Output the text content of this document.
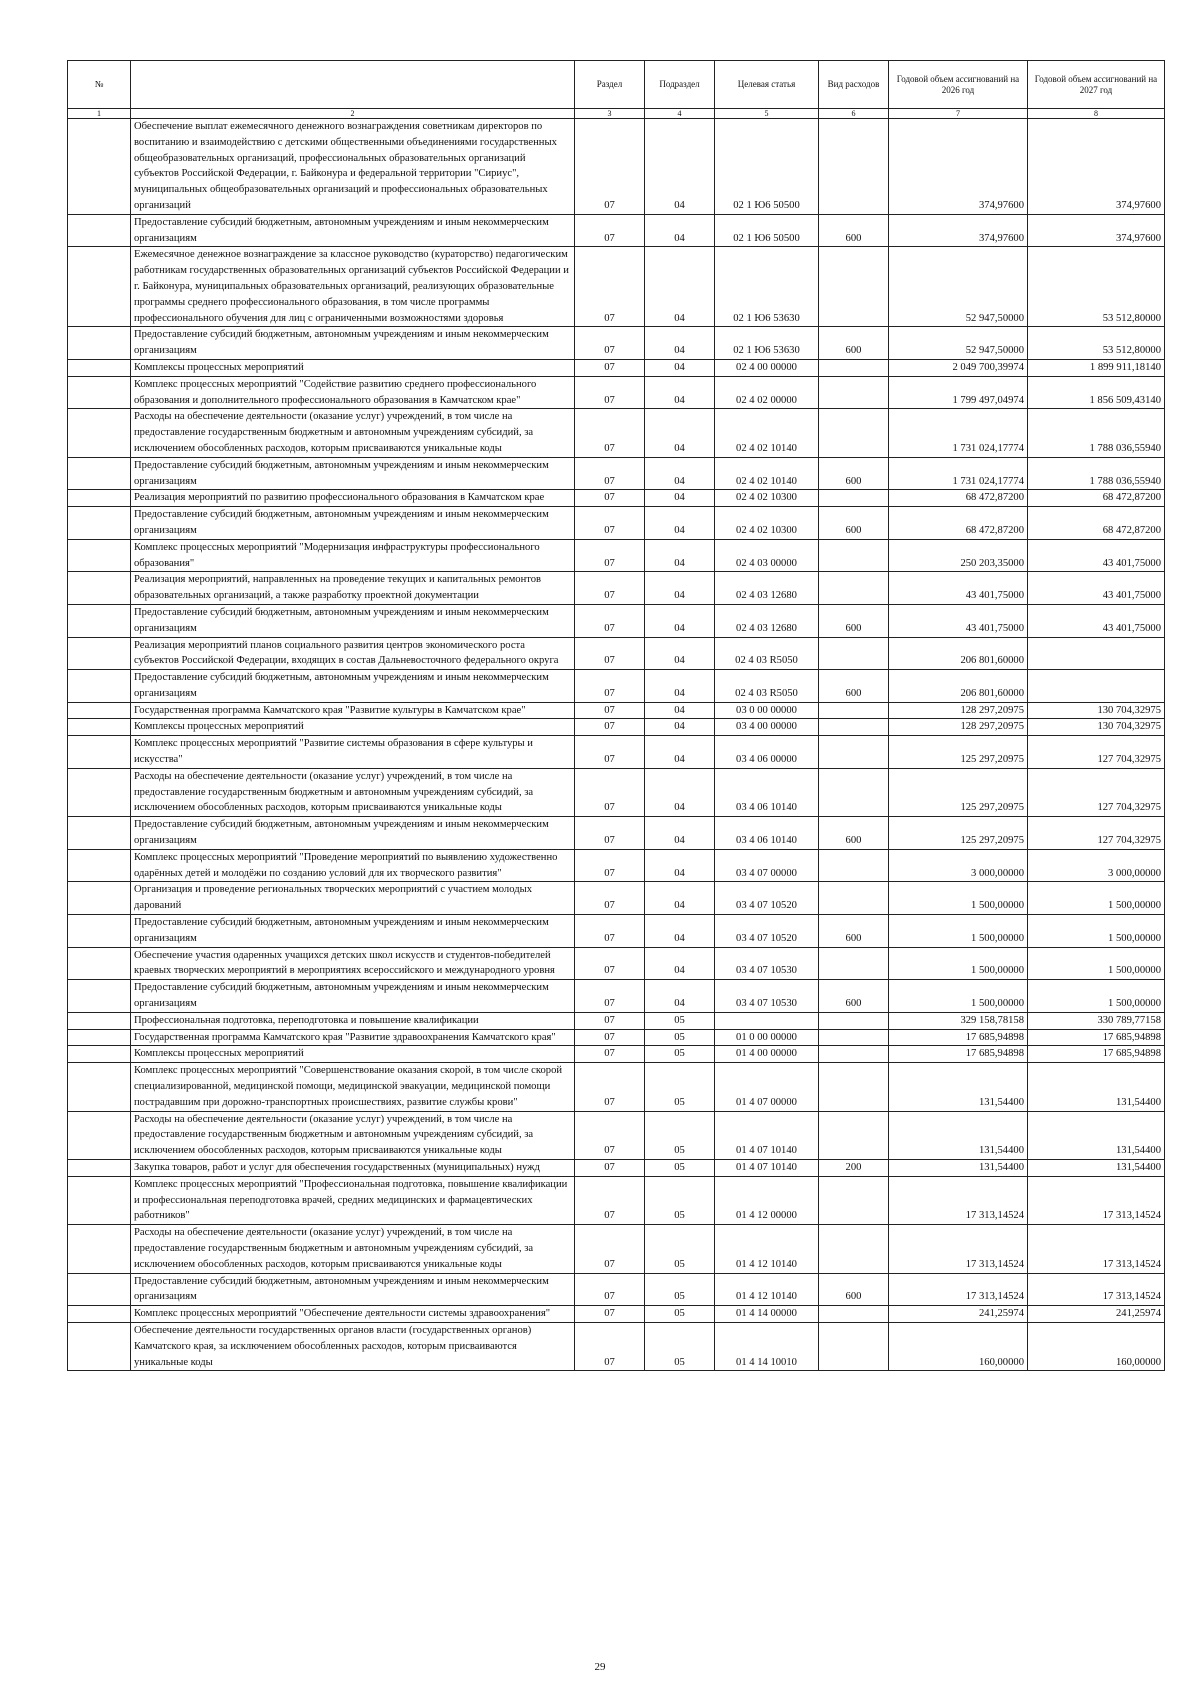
№		Раздел	Подраздел	Целевая статья	Вид расходов	Годовой объем ассигнований на 2026 год	Годовой объем ассигнований на 2027 год
1	2	3	4	5	6	7	8
	Обеспечение выплат ежемесячного денежного вознаграждения советникам директоров по воспитанию и взаимодействию с детскими общественными объединениями государственных общеобразовательных организаций, профессиональных образовательных организаций субъектов Российской Федерации, г. Байконура и федеральной территории "Сириус", муниципальных общеобразовательных организаций и профессиональных образовательных организаций	07	04	02 1 Ю6 50500		374,97600	374,97600
	Предоставление субсидий бюджетным, автономным учреждениям и иным некоммерческим организациям	07	04	02 1 Ю6 50500	600	374,97600	374,97600
	Ежемесячное денежное вознаграждение за классное руководство (кураторство) педагогическим работникам государственных образовательных организаций субъектов Российской Федерации и г. Байконура, муниципальных образовательных организаций, реализующих образовательные программы среднего профессионального образования, в том числе программы профессионального обучения для лиц с ограниченными возможностями здоровья	07	04	02 1 Ю6 53630		52 947,50000	53 512,80000
	Предоставление субсидий бюджетным, автономным учреждениям и иным некоммерческим организациям	07	04	02 1 Ю6 53630	600	52 947,50000	53 512,80000
	Комплексы процессных мероприятий	07	04	02 4 00 00000		2 049 700,39974	1 899 911,18140
	Комплекс процессных мероприятий "Содействие развитию среднего профессионального образования и дополнительного профессионального образования в Камчатском крае"	07	04	02 4 02 00000		1 799 497,04974	1 856 509,43140
	Расходы на обеспечение деятельности (оказание услуг) учреждений, в том числе на предоставление государственным бюджетным и автономным учреждениям субсидий, за исключением обособленных расходов, которым присваиваются уникальные коды	07	04	02 4 02 10140		1 731 024,17774	1 788 036,55940
	Предоставление субсидий бюджетным, автономным учреждениям и иным некоммерческим организациям	07	04	02 4 02 10140	600	1 731 024,17774	1 788 036,55940
	Реализация мероприятий по развитию профессионального образования в Камчатском крае	07	04	02 4 02 10300		68 472,87200	68 472,87200
	Предоставление субсидий бюджетным, автономным учреждениям и иным некоммерческим организациям	07	04	02 4 02 10300	600	68 472,87200	68 472,87200
	Комплекс процессных мероприятий "Модернизация инфраструктуры профессионального образования"	07	04	02 4 03 00000		250 203,35000	43 401,75000
	Реализация мероприятий, направленных на проведение текущих и капитальных ремонтов образовательных организаций, а также разработку проектной документации	07	04	02 4 03 12680		43 401,75000	43 401,75000
	Предоставление субсидий бюджетным, автономным учреждениям и иным некоммерческим организациям	07	04	02 4 03 12680	600	43 401,75000	43 401,75000
	Реализация мероприятий планов социального развития центров экономического роста субъектов Российской Федерации, входящих в состав Дальневосточного федерального округа	07	04	02 4 03 R5050		206 801,60000	
	Предоставление субсидий бюджетным, автономным учреждениям и иным некоммерческим организациям	07	04	02 4 03 R5050	600	206 801,60000	
	Государственная программа Камчатского края "Развитие культуры в Камчатском крае"	07	04	03 0 00 00000		128 297,20975	130 704,32975
	Комплексы процессных мероприятий	07	04	03 4 00 00000		128 297,20975	130 704,32975
	Комплекс процессных мероприятий "Развитие системы образования в сфере культуры и искусства"	07	04	03 4 06 00000		125 297,20975	127 704,32975
	Расходы на обеспечение деятельности (оказание услуг) учреждений, в том числе на предоставление государственным бюджетным и автономным учреждениям субсидий, за исключением обособленных расходов, которым присваиваются уникальные коды	07	04	03 4 06 10140		125 297,20975	127 704,32975
	Предоставление субсидий бюджетным, автономным учреждениям и иным некоммерческим организациям	07	04	03 4 06 10140	600	125 297,20975	127 704,32975
	Комплекс процессных мероприятий "Проведение мероприятий по выявлению художественно одарённых детей и молодёжи по созданию условий для их творческого развития"	07	04	03 4 07 00000		3 000,00000	3 000,00000
	Организация и проведение региональных творческих мероприятий с участием молодых дарований	07	04	03 4 07 10520		1 500,00000	1 500,00000
	Предоставление субсидий бюджетным, автономным учреждениям и иным некоммерческим организациям	07	04	03 4 07 10520	600	1 500,00000	1 500,00000
	Обеспечение участия одаренных учащихся детских школ искусств и студентов-победителей краевых творческих мероприятий в мероприятиях всероссийского и международного уровня	07	04	03 4 07 10530		1 500,00000	1 500,00000
	Предоставление субсидий бюджетным, автономным учреждениям и иным некоммерческим организациям	07	04	03 4 07 10530	600	1 500,00000	1 500,00000
	Профессиональная подготовка, переподготовка и повышение квалификации	07	05			329 158,78158	330 789,77158
	Государственная программа Камчатского края "Развитие здравоохранения Камчатского края"	07	05	01 0 00 00000		17 685,94898	17 685,94898
	Комплексы процессных мероприятий	07	05	01 4 00 00000		17 685,94898	17 685,94898
	Комплекс процессных мероприятий "Совершенствование оказания скорой, в том числе скорой специализированной, медицинской помощи, медицинской эвакуации, медицинской помощи пострадавшим при дорожно-транспортных происшествиях, развитие службы крови"	07	05	01 4 07 00000		131,54400	131,54400
	Расходы на обеспечение деятельности (оказание услуг) учреждений, в том числе на предоставление государственным бюджетным и автономным учреждениям субсидий, за исключением обособленных расходов, которым присваиваются уникальные коды	07	05	01 4 07 10140		131,54400	131,54400
	Закупка товаров, работ и услуг для обеспечения государственных (муниципальных) нужд	07	05	01 4 07 10140	200	131,54400	131,54400
	Комплекс процессных мероприятий "Профессиональная подготовка, повышение квалификации и профессиональная переподготовка врачей, средних медицинских и фармацевтических работников"	07	05	01 4 12 00000		17 313,14524	17 313,14524
	Расходы на обеспечение деятельности (оказание услуг) учреждений, в том числе на предоставление государственным бюджетным и автономным учреждениям субсидий, за исключением обособленных расходов, которым присваиваются уникальные коды	07	05	01 4 12 10140		17 313,14524	17 313,14524
	Предоставление субсидий бюджетным, автономным учреждениям и иным некоммерческим организациям	07	05	01 4 12 10140	600	17 313,14524	17 313,14524
	Комплекс процессных мероприятий "Обеспечение деятельности системы здравоохранения"	07	05	01 4 14 00000		241,25974	241,25974
	Обеспечение деятельности государственных органов власти (государственных органов) Камчатского края, за исключением обособленных расходов, которым присваиваются уникальные коды	07	05	01 4 14 10010		160,00000	160,00000
29
